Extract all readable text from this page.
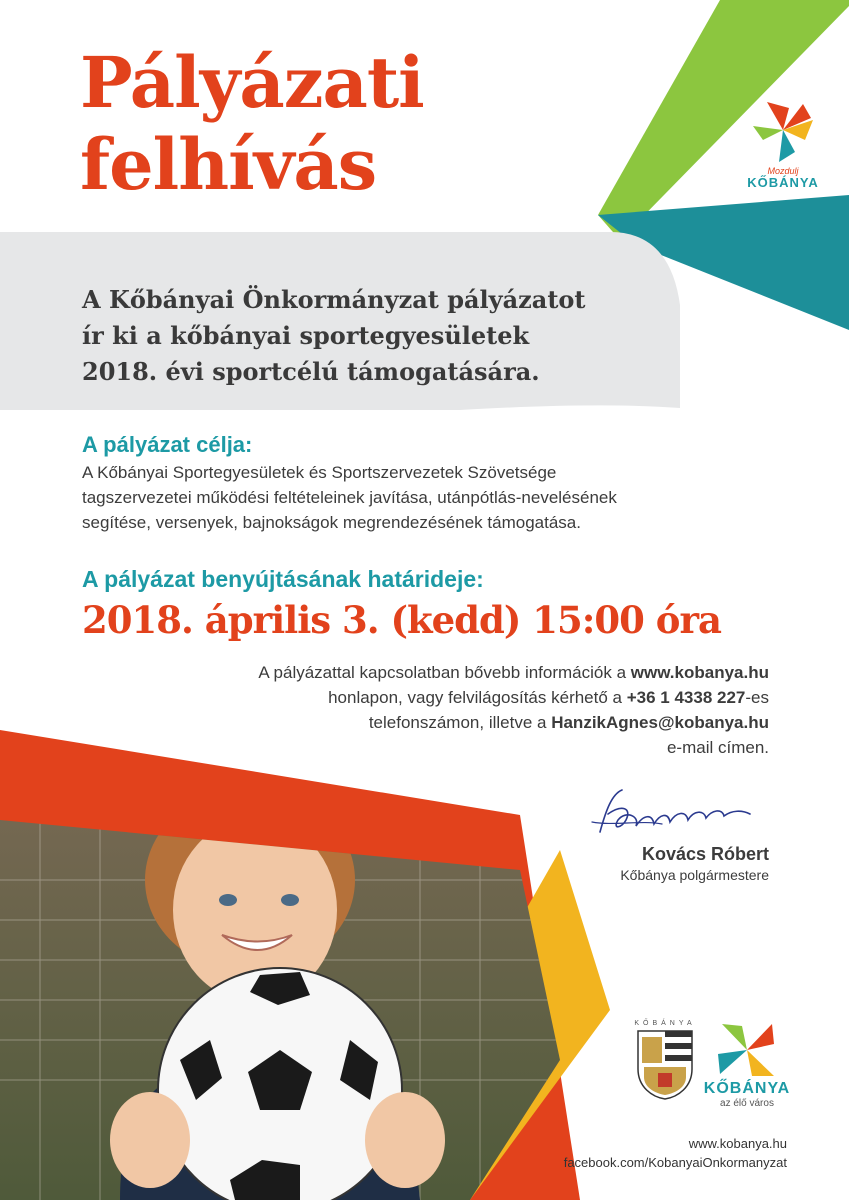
Pályázati
felhívás	Mozdulj
KŐBÁNYA
A Kőbányai Önkormányzat pályázatot
ír ki a kőbányai sportegyesületek
2018. évi sportcélú támogatására.
A pályázat célja:
A Kőbányai Sportegyesületek és Sportszervezetek Szövetsége
tagszervezetei működési feltételeinek javítása, utánpótlás-nevelésének
segítése, versenyek, bajnokságok megrendezésének támogatása.
A pályázat benyújtásának határideje:
2018. április 3. (kedd) 15:00 óra
A pályázattal kapcsolatban bővebb információk a www.kobanya.hu
honlapon, vagy felvilágosítás kérhető a +36 1 4338 227-es
telefonszámon, illetve a HanzikAgnes@kobanya.hu
e-mail címen.
Kovács Róbert
Kőbánya polgármestere
KŐBÁNYA
KŐBÁNYA
az élő város
www.kobanya.hu
facebook.com/KobanyaiOnkormanyzat
